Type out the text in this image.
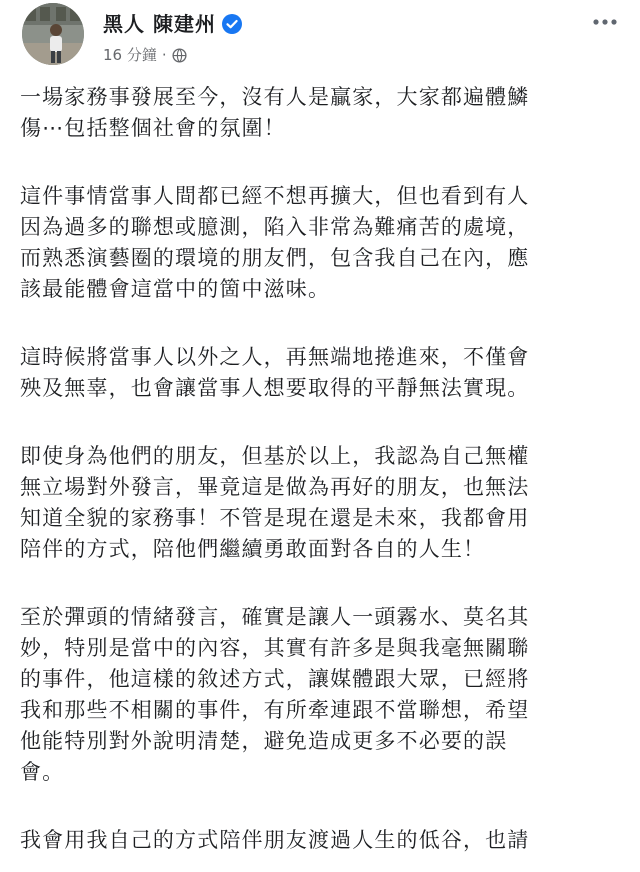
黑人 陳建州
16 分鐘 ·

一場家務事發展至今，沒有人是贏家，大家都遍體鱗
傷⋯包括整個社會的氛圍！

這件事情當事人間都已經不想再擴大，但也看到有人
因為過多的聯想或臆測，陷入非常為難痛苦的處境，
而熟悉演藝圈的環境的朋友們，包含我自己在內，應
該最能體會這當中的箇中滋味。

這時候將當事人以外之人，再無端地捲進來，不僅會
殃及無辜，也會讓當事人想要取得的平靜無法實現。

即使身為他們的朋友，但基於以上，我認為自己無權
無立場對外發言，畢竟這是做為再好的朋友，也無法
知道全貌的家務事！不管是現在還是未來，我都會用
陪伴的方式，陪他們繼續勇敢面對各自的人生！

至於彈頭的情緒發言，確實是讓人一頭霧水、莫名其
妙，特別是當中的內容，其實有許多是與我毫無關聯
的事件，他這樣的敘述方式，讓媒體跟大眾，已經將
我和那些不相關的事件，有所牽連跟不當聯想，希望
他能特別對外說明清楚，避免造成更多不必要的誤
會。

我會用我自己的方式陪伴朋友渡過人生的低谷，也請
